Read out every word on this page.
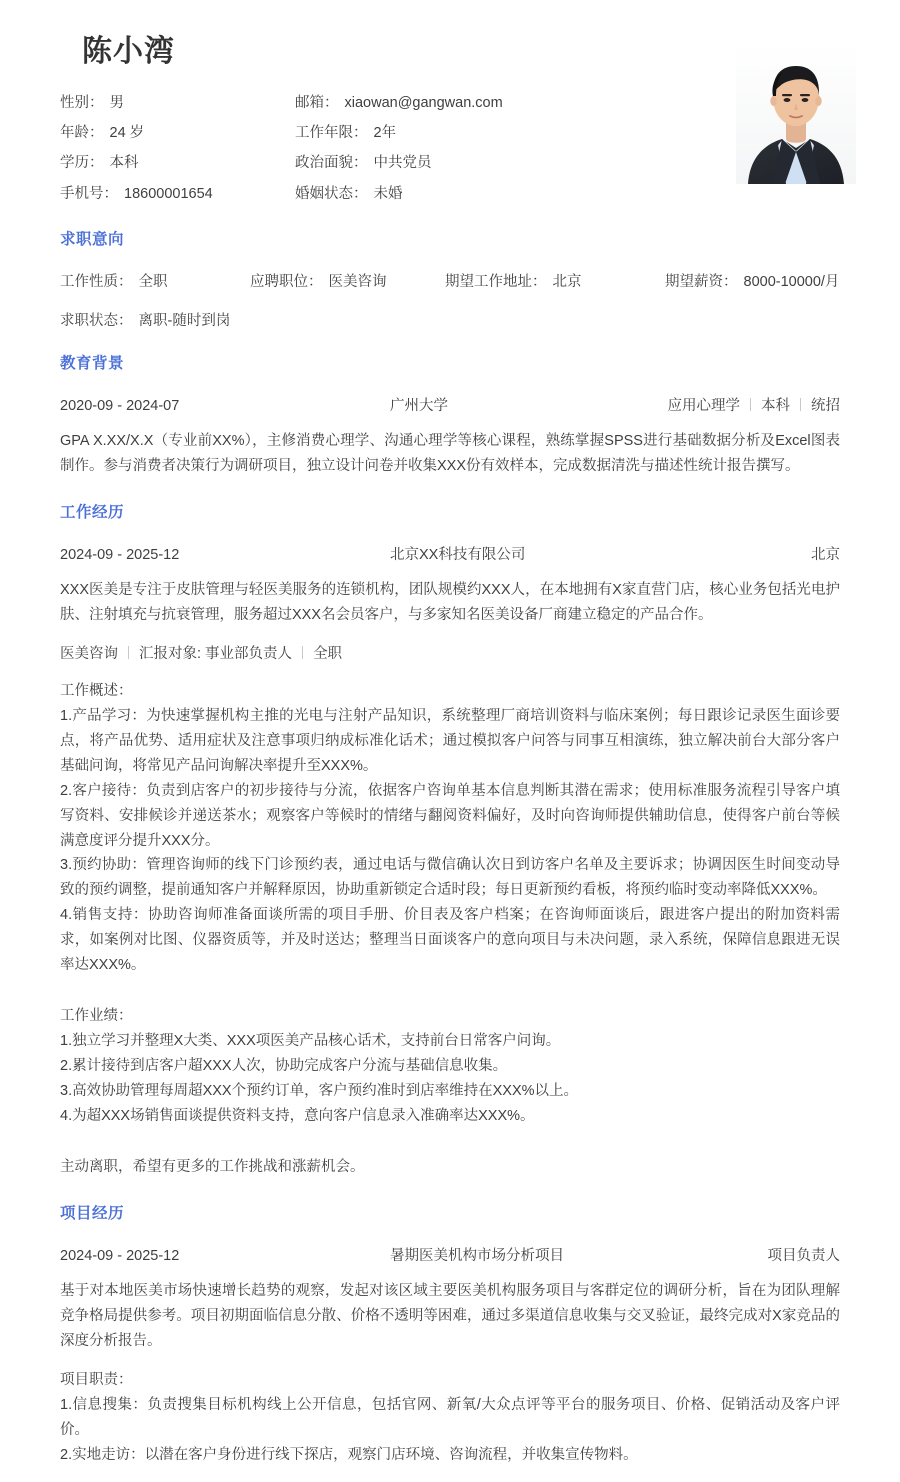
陈小湾
性别： 男	邮箱： xiaowan@gangwan.com
年龄： 24 岁	工作年限： 2年
学历： 本科	政治面貌： 中共党员
手机号： 18600001654	婚姻状态： 未婚
求职意向
工作性质： 全职	应聘职位： 医美咨询	期望工作地址： 北京	期望薪资： 8000-10000/月
求职状态： 离职-随时到岗
教育背景
2020-09 - 2024-07	广州大学	应用心理学 本科 统招

GPA X.XX/X.X（专业前XX%），主修消费心理学、沟通心理学等核心课程，熟练掌握SPSS进行基础数据分析及Excel图表制作。参与消费者决策行为调研项目，独立设计问卷并收集XXX份有效样本，完成数据清洗与描述性统计报告撰写。

工作经历
2024-09 - 2025-12	北京XX科技有限公司	北京

XXX医美是专注于皮肤管理与轻医美服务的连锁机构，团队规模约XXX人，在本地拥有X家直营门店，核心业务包括光电护肤、注射填充与抗衰管理，服务超过XXX名会员客户，与多家知名医美设备厂商建立稳定的产品合作。

医美咨询 汇报对象: 事业部负责人 全职

工作概述：

1.产品学习：为快速掌握机构主推的光电与注射产品知识，系统整理厂商培训资料与临床案例；每日跟诊记录医生面诊要点，将产品优势、适用症状及注意事项归纳成标准化话术；通过模拟客户问答与同事互相演练，独立解决前台大部分客户基础问询，将常见产品问询解决率提升至XXX%。

2.客户接待：负责到店客户的初步接待与分流，依据客户咨询单基本信息判断其潜在需求；使用标准服务流程引导客户填写资料、安排候诊并递送茶水；观察客户等候时的情绪与翻阅资料偏好，及时向咨询师提供辅助信息，使得客户前台等候满意度评分提升XXX分。

3.预约协助：管理咨询师的线下门诊预约表，通过电话与微信确认次日到访客户名单及主要诉求；协调因医生时间变动导致的预约调整，提前通知客户并解释原因，协助重新锁定合适时段；每日更新预约看板，将预约临时变动率降低XXX%。

4.销售支持：协助咨询师准备面谈所需的项目手册、价目表及客户档案；在咨询师面谈后，跟进客户提出的附加资料需求，如案例对比图、仪器资质等，并及时送达；整理当日面谈客户的意向项目与未决问题，录入系统，保障信息跟进无误率达XXX%。

工作业绩：

1.独立学习并整理X大类、XXX项医美产品核心话术，支持前台日常客户问询。

2.累计接待到店客户超XXX人次，协助完成客户分流与基础信息收集。

3.高效协助管理每周超XXX个预约订单，客户预约准时到店率维持在XXX%以上。

4.为超XXX场销售面谈提供资料支持，意向客户信息录入准确率达XXX%。

主动离职，希望有更多的工作挑战和涨薪机会。

项目经历
2024-09 - 2025-12	暑期医美机构市场分析项目	项目负责人

基于对本地医美市场快速增长趋势的观察，发起对该区域主要医美机构服务项目与客群定位的调研分析，旨在为团队理解竞争格局提供参考。项目初期面临信息分散、价格不透明等困难，通过多渠道信息收集与交叉验证，最终完成对X家竞品的深度分析报告。

项目职责：

1.信息搜集：负责搜集目标机构线上公开信息，包括官网、新氧/大众点评等平台的服务项目、价格、促销活动及客户评价。

2.实地走访：以潜在客户身份进行线下探店，观察门店环境、咨询流程，并收集宣传物料。
